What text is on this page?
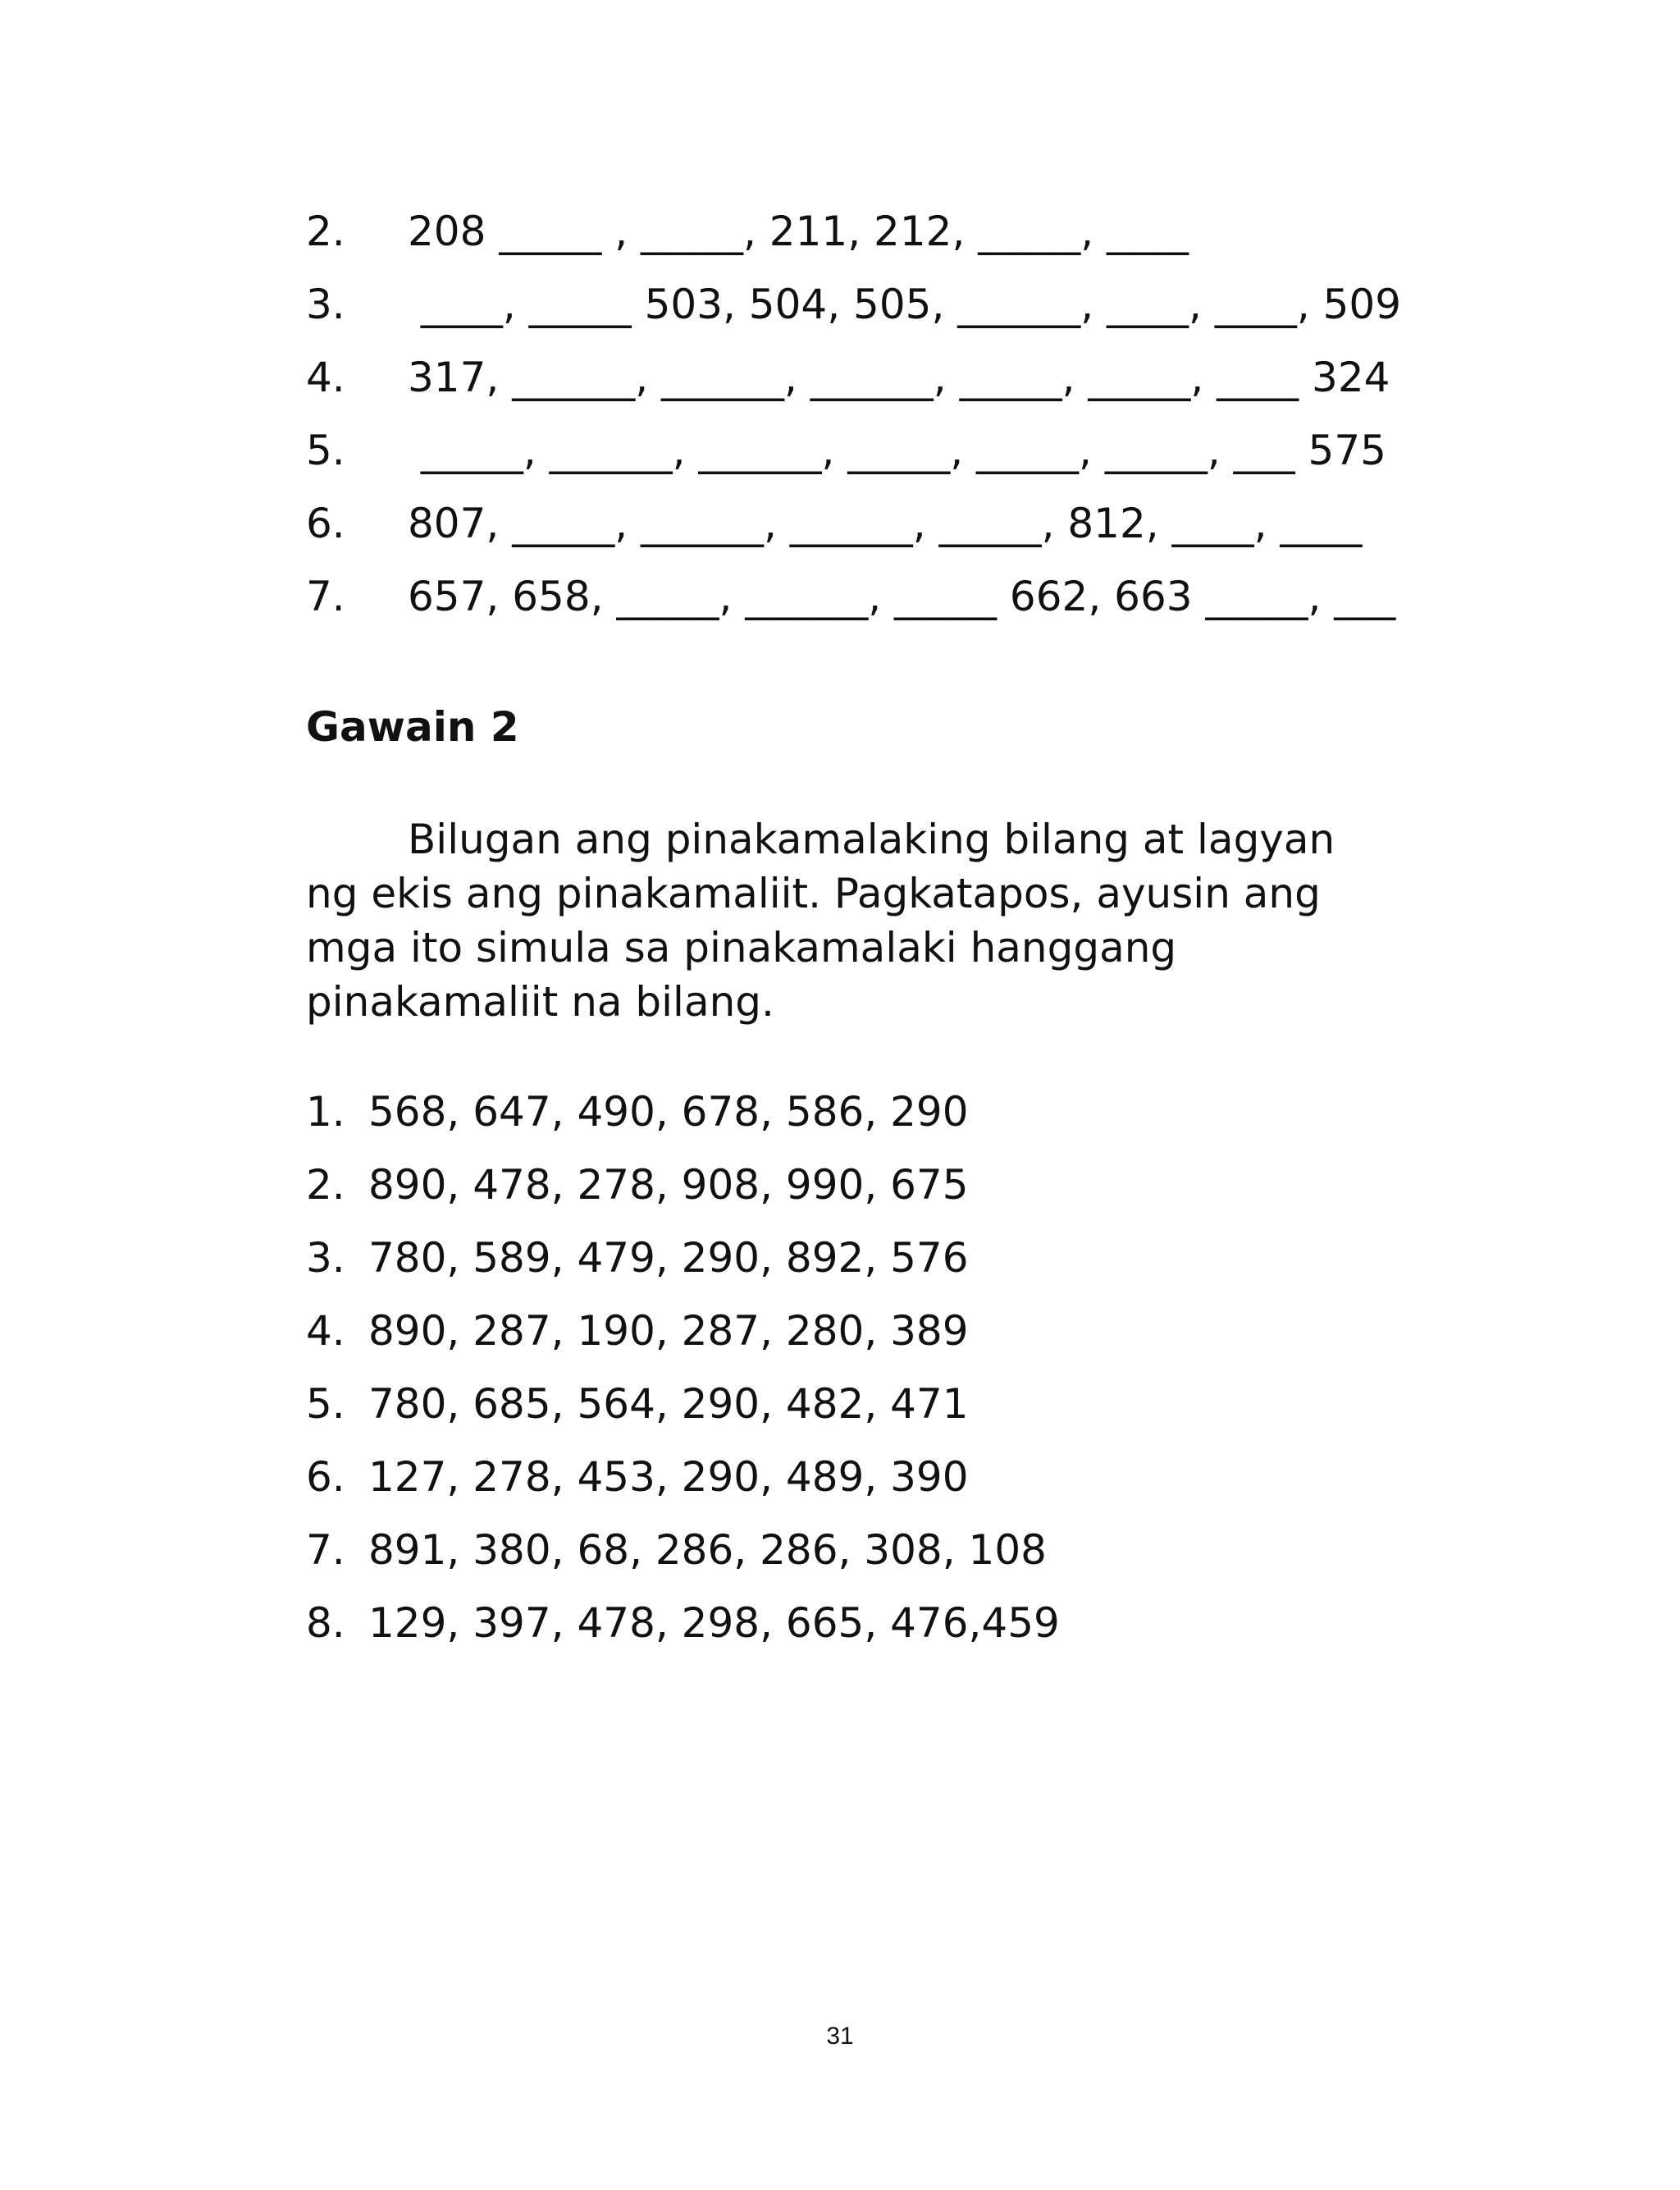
2.	208 _____ , _____, 211, 212, _____, ____
3.	____, _____ 503, 504, 505, ______, ____, ____, 509
4.	317, ______, ______, ______, _____, _____, ____ 324
5.	_____, ______, ______, _____, _____, _____, ___ 575
6.	807, _____, ______, ______, _____, 812, ____, ____
7.	657, 658, _____, ______, _____ 662, 663 _____, ___
Gawain 2
Bilugan ang pinakamalaking bilang at lagyan
ng ekis ang pinakamaliit. Pagkatapos, ayusin ang
mga ito simula sa pinakamalaki hanggang
pinakamaliit na bilang.
1. 568, 647, 490, 678, 586, 290
2. 890, 478, 278, 908, 990, 675
3. 780, 589, 479, 290, 892, 576
4. 890, 287, 190, 287, 280, 389
5. 780, 685, 564, 290, 482, 471
6. 127, 278, 453, 290, 489, 390
7. 891, 380, 68, 286, 286, 308, 108
8. 129, 397, 478, 298, 665, 476,459
31
